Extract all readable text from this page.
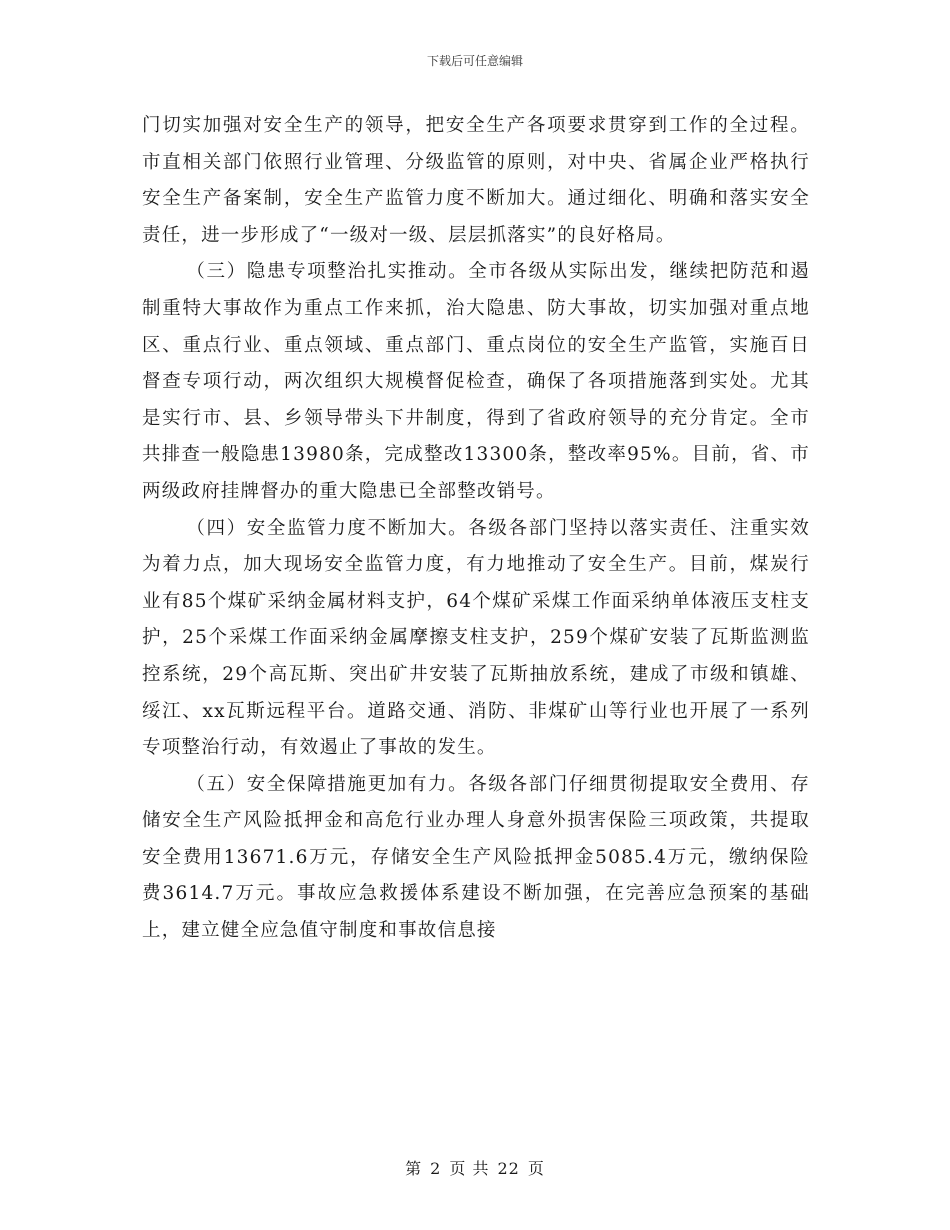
下载后可任意编辑

门切实加强对安全生产的领导，把安全生产各项要求贯穿到工作的全过程。市直相关部门依照行业管理、分级监管的原则，对中央、省属企业严格执行安全生产备案制，安全生产监管力度不断加大。通过细化、明确和落实安全责任，进一步形成了“一级对一级、层层抓落实”的良好格局。

（三）隐患专项整治扎实推动。全市各级从实际出发，继续把防范和遏制重特大事故作为重点工作来抓，治大隐患、防大事故，切实加强对重点地区、重点行业、重点领域、重点部门、重点岗位的安全生产监管，实施百日督查专项行动，两次组织大规模督促检查，确保了各项措施落到实处。尤其是实行市、县、乡领导带头下井制度，得到了省政府领导的充分肯定。全市共排查一般隐患13980条，完成整改13300条，整改率95%。目前，省、市两级政府挂牌督办的重大隐患已全部整改销号。

（四）安全监管力度不断加大。各级各部门坚持以落实责任、注重实效为着力点，加大现场安全监管力度，有力地推动了安全生产。目前，煤炭行业有85个煤矿采纳金属材料支护，64个煤矿采煤工作面采纳单体液压支柱支护，25个采煤工作面采纳金属摩擦支柱支护，259个煤矿安装了瓦斯监测监控系统，29个高瓦斯、突出矿井安装了瓦斯抽放系统，建成了市级和镇雄、绥江、xx瓦斯远程平台。道路交通、消防、非煤矿山等行业也开展了一系列专项整治行动，有效遏止了事故的发生。

（五）安全保障措施更加有力。各级各部门仔细贯彻提取安全费用、存储安全生产风险抵押金和高危行业办理人身意外损害保险三项政策，共提取安全费用13671.6万元，存储安全生产风险抵押金5085.4万元，缴纳保险费3614.7万元。事故应急救援体系建设不断加强，在完善应急预案的基础上，建立健全应急值守制度和事故信息接

第 2 页 共 22 页
